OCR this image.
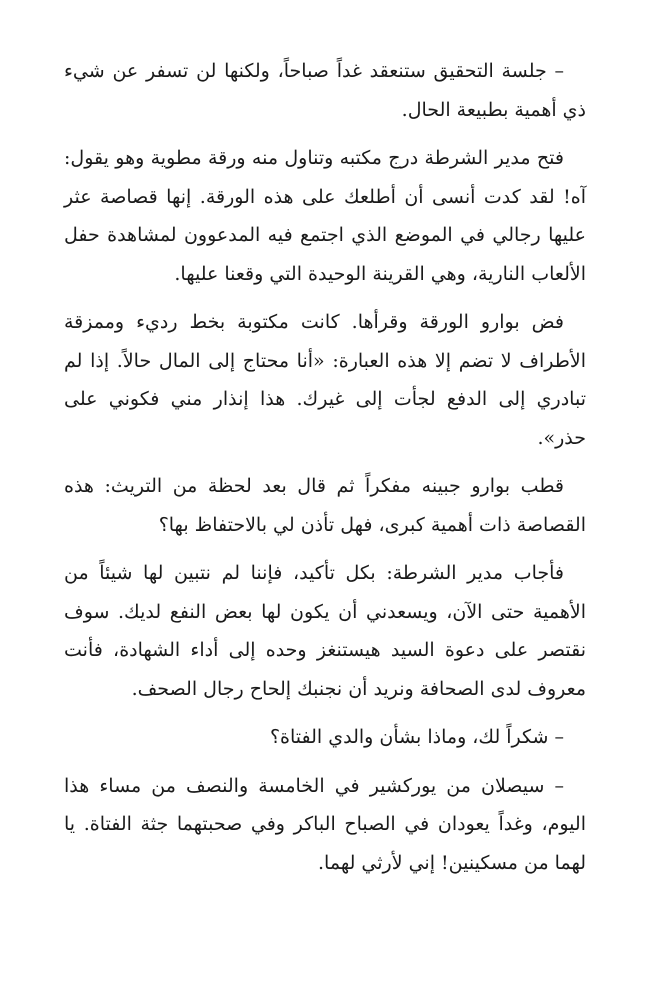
– جلسة التحقيق ستنعقد غداً صباحاً، ولكنها لن تسفر عن شيء ذي أهمية بطبيعة الحال.

فتح مدير الشرطة درج مكتبه وتناول منه ورقة مطوية وهو يقول: آه! لقد كدت أنسى أن أطلعك على هذه الورقة. إنها قصاصة عثر عليها رجالي في الموضع الذي اجتمع فيه المدعوون لمشاهدة حفل الألعاب النارية، وهي القرينة الوحيدة التي وقعنا عليها.

فض بوارو الورقة وقرأها. كانت مكتوبة بخط رديء وممزقة الأطراف لا تضم إلا هذه العبارة: «أنا محتاج إلى المال حالاً. إذا لم تبادري إلى الدفع لجأت إلى غيرك. هذا إنذار مني فكوني على حذر».

قطب بوارو جبينه مفكراً ثم قال بعد لحظة من التريث: هذه القصاصة ذات أهمية كبرى، فهل تأذن لي بالاحتفاظ بها؟

فأجاب مدير الشرطة: بكل تأكيد، فإننا لم نتبين لها شيئاً من الأهمية حتى الآن، ويسعدني أن يكون لها بعض النفع لديك. سوف نقتصر على دعوة السيد هيستنغز وحده إلى أداء الشهادة، فأنت معروف لدى الصحافة ونريد أن نجنبك إلحاح رجال الصحف.

– شكراً لك، وماذا بشأن والدي الفتاة؟

– سيصلان من يوركشير في الخامسة والنصف من مساء هذا اليوم، وغداً يعودان في الصباح الباكر وفي صحبتهما جثة الفتاة. يا لهما من مسكينين! إني لأرثي لهما.
